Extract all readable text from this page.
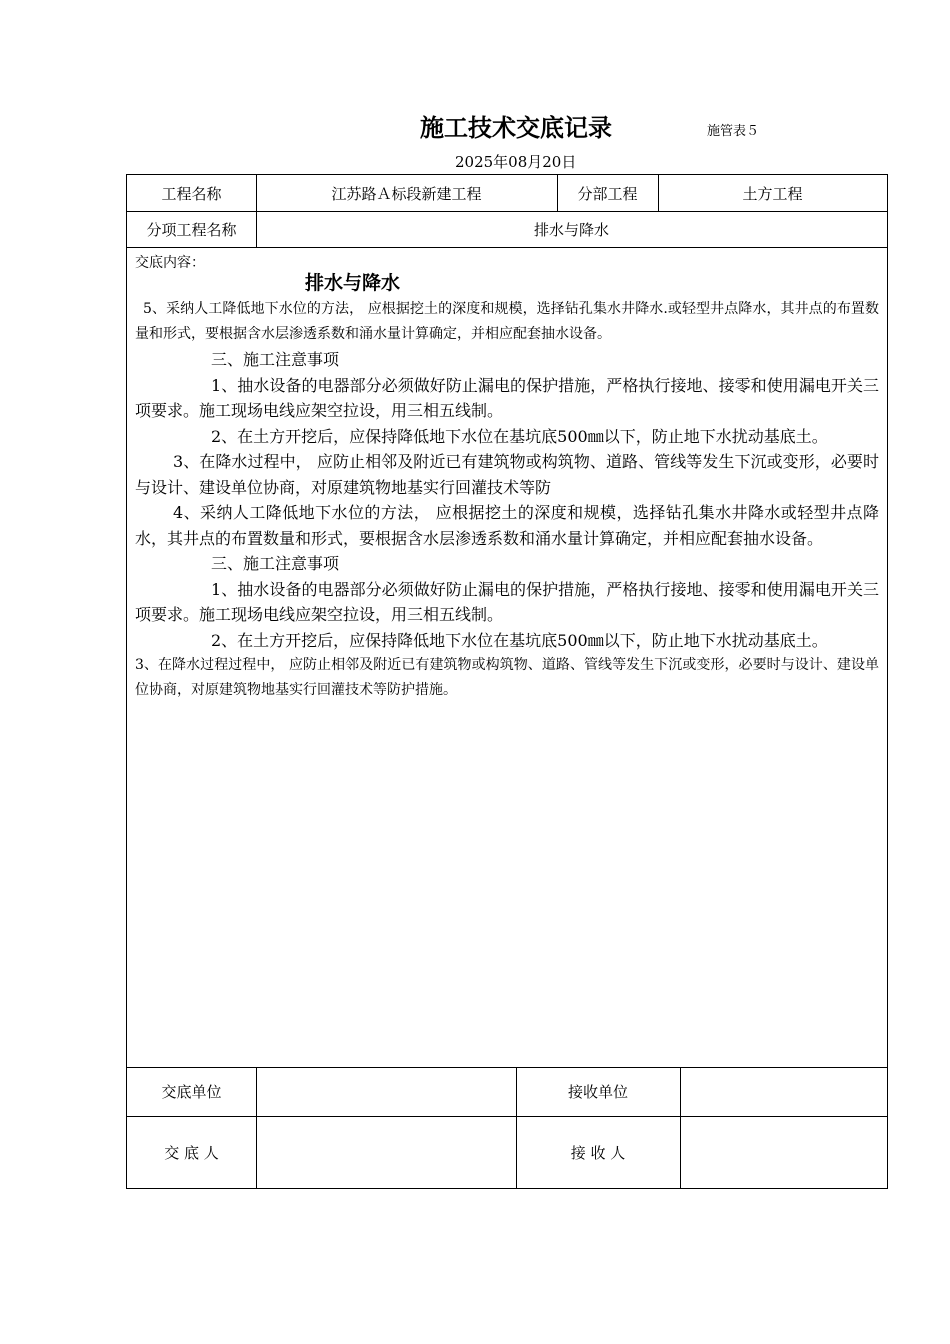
施工技术交底记录	施管表５
2025年08月20日
工程名称	江苏路Ａ标段新建工程	分部工程	土方工程
分项工程名称	排水与降水
交底内容：
排水与降水
5、采纳人工降低地下水位的方法， 应根据挖土的深度和规模，选择钻孔集水井降水.或轻型井点降水，其井点的布置数量和形式，要根据含水层渗透系数和涌水量计算确定，并相应配套抽水设备。
三、施工注意事项
1、抽水设备的电器部分必须做好防止漏电的保护措施，严格执行接地、接零和使用漏电开关三项要求。施工现场电线应架空拉设，用三相五线制。
2、在土方开挖后，应保持降低地下水位在基坑底500㎜以下，防止地下水扰动基底土。
3、在降水过程中， 应防止相邻及附近已有建筑物或构筑物、道路、管线等发生下沉或变形，必要时与设计、建设单位协商，对原建筑物地基实行回灌技术等防
4、采纳人工降低地下水位的方法， 应根据挖土的深度和规模，选择钻孔集水井降水或轻型井点降水，其井点的布置数量和形式，要根据含水层渗透系数和涌水量计算确定，并相应配套抽水设备。
三、施工注意事项
1、抽水设备的电器部分必须做好防止漏电的保护措施，严格执行接地、接零和使用漏电开关三项要求。施工现场电线应架空拉设，用三相五线制。
2、在土方开挖后，应保持降低地下水位在基坑底500㎜以下，防止地下水扰动基底土。
3、在降水过程过程中， 应防止相邻及附近已有建筑物或构筑物、道路、管线等发生下沉或变形，必要时与设计、建设单位协商，对原建筑物地基实行回灌技术等防护措施。
交底单位	接收单位
交 底 人	接 收 人
